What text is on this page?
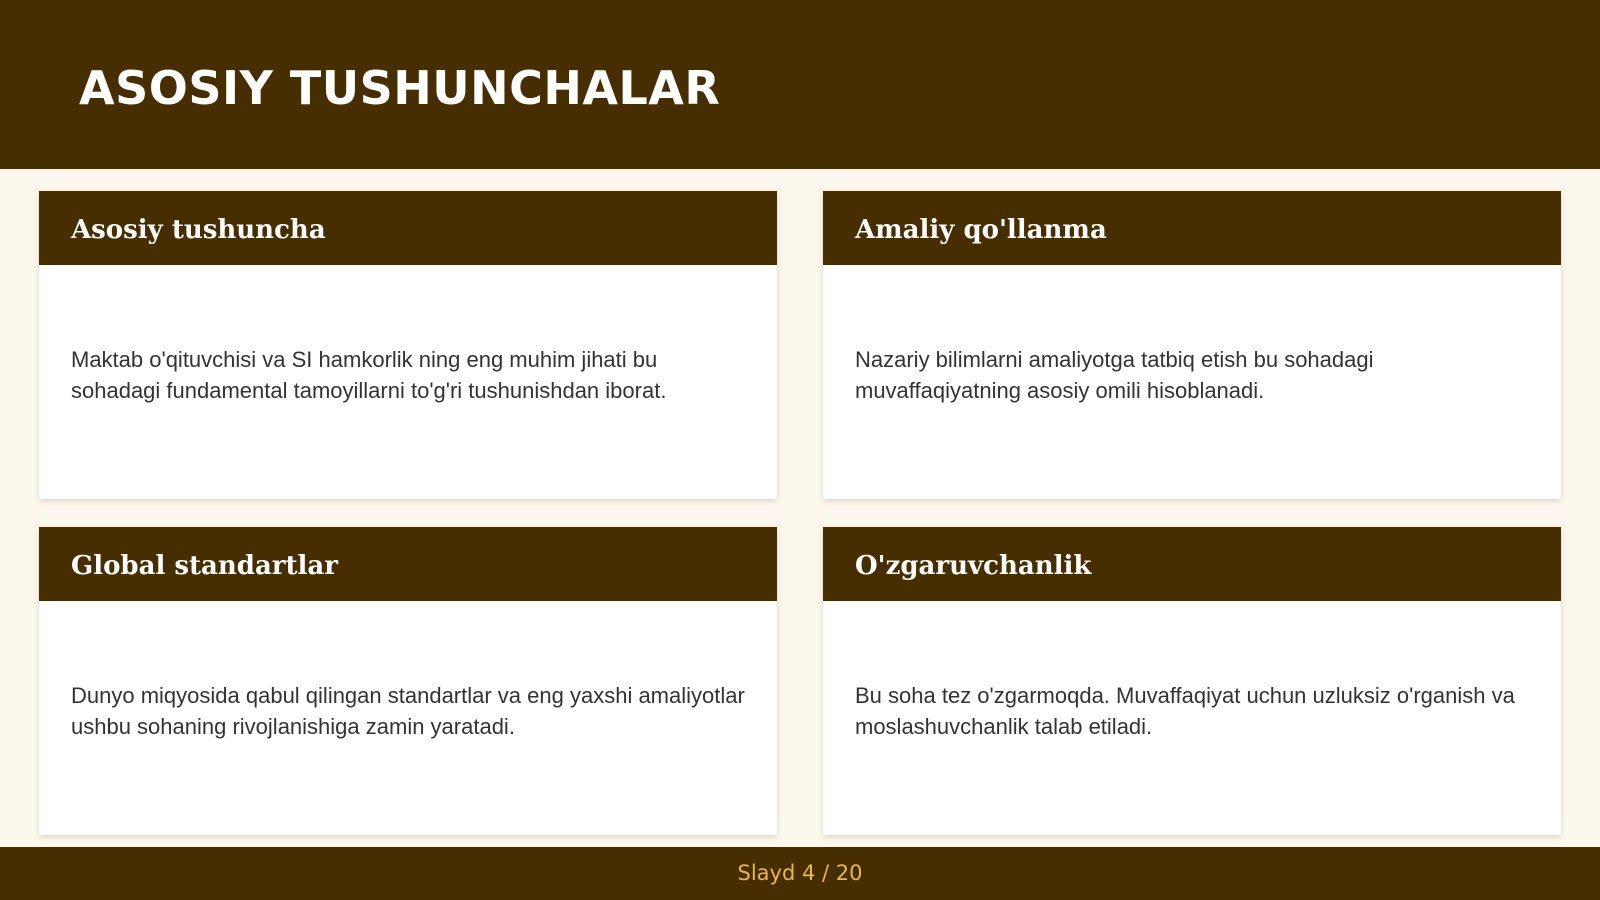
ASOSIY TUSHUNCHALAR
Asosiy tushuncha

Maktab o'qituvchisi va SI hamkorlik ning eng muhim jihati bu sohadagi fundamental tamoyillarni to'g'ri tushunishdan iborat.

Amaliy qo'llanma

Nazariy bilimlarni amaliyotga tatbiq etish bu sohadagi muvaffaqiyatning asosiy omili hisoblanadi.

Global standartlar

Dunyo miqyosida qabul qilingan standartlar va eng yaxshi amaliyotlar ushbu sohaning rivojlanishiga zamin yaratadi.

O'zgaruvchanlik

Bu soha tez o'zgarmoqda. Muvaffaqiyat uchun uzluksiz o'rganish va moslashuvchanlik talab etiladi.

Slayd 4 / 20
